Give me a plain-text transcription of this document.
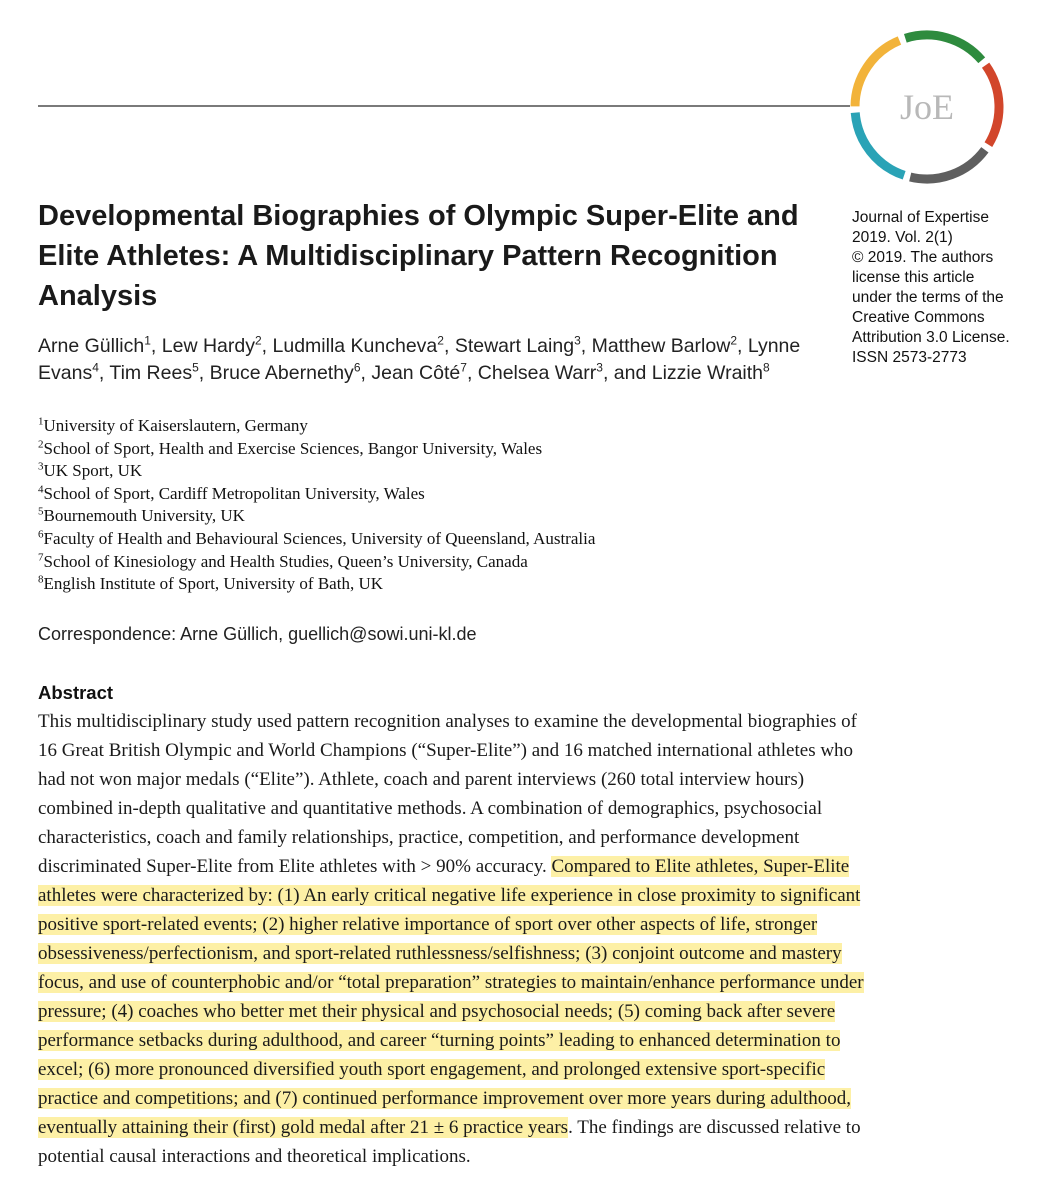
JoE
Journal of Expertise
2019. Vol. 2(1)
© 2019. The authors
license this article
under the terms of the
Creative Commons
Attribution 3.0 License.
ISSN 2573-2773
Developmental Biographies of Olympic Super-Elite and Elite Athletes: A Multidisciplinary Pattern Recognition Analysis
Arne Güllich$^1$, Lew Hardy$^2$, Ludmilla Kuncheva$^2$, Stewart Laing$^3$, Matthew Barlow$^2$, Lynne Evans$^4$, Tim Rees$^5$, Bruce Abernethy$^6$, Jean Côté$^7$, Chelsea Warr$^3$, and Lizzie Wraith$^8$
$^1$University of Kaiserslautern, Germany
$^2$School of Sport, Health and Exercise Sciences, Bangor University, Wales
$^3$UK Sport, UK
$^4$School of Sport, Cardiff Metropolitan University, Wales
$^5$Bournemouth University, UK
$^6$Faculty of Health and Behavioural Sciences, University of Queensland, Australia
$^7$School of Kinesiology and Health Studies, Queen’s University, Canada
$^8$English Institute of Sport, University of Bath, UK
Correspondence: Arne Güllich, guellich@sowi.uni-kl.de
Abstract
This multidisciplinary study used pattern recognition analyses to examine the developmental biographies of
16 Great British Olympic and World Champions (“Super-Elite”) and 16 matched international athletes who
had not won major medals (“Elite”). Athlete, coach and parent interviews (260 total interview hours)
combined in-depth qualitative and quantitative methods. A combination of demographics, psychosocial
characteristics, coach and family relationships, practice, competition, and performance development
discriminated Super-Elite from Elite athletes with > 90% accuracy. Compared to Elite athletes, Super-Elite
athletes were characterized by: (1) An early critical negative life experience in close proximity to significant
positive sport-related events; (2) higher relative importance of sport over other aspects of life, stronger
obsessiveness/perfectionism, and sport-related ruthlessness/selfishness; (3) conjoint outcome and mastery
focus, and use of counterphobic and/or “total preparation” strategies to maintain/enhance performance under
pressure; (4) coaches who better met their physical and psychosocial needs; (5) coming back after severe
performance setbacks during adulthood, and career “turning points” leading to enhanced determination to
excel; (6) more pronounced diversified youth sport engagement, and prolonged extensive sport-specific
practice and competitions; and (7) continued performance improvement over more years during adulthood,
eventually attaining their (first) gold medal after 21 ± 6 practice years. The findings are discussed relative to
potential causal interactions and theoretical implications.
